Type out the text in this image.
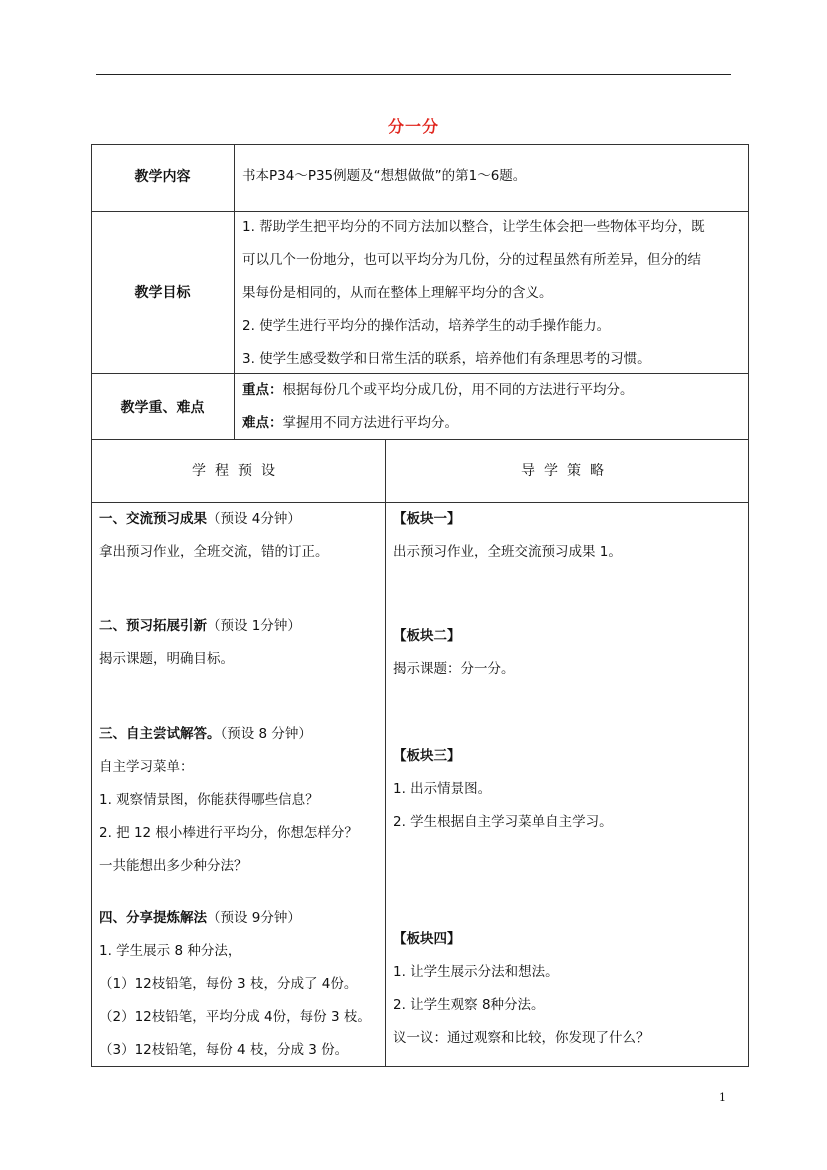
分一分
教学内容	书本P34～P35例题及“想想做做”的第1～6题。
教学目标
1. 帮助学生把平均分的不同方法加以整合，让学生体会把一些物体平均分，既
可以几个一份地分，也可以平均分为几份，分的过程虽然有所差异，但分的结
果每份是相同的，从而在整体上理解平均分的含义。
2. 使学生进行平均分的操作活动，培养学生的动手操作能力。
3. 使学生感受数学和日常生活的联系，培养他们有条理思考的习惯。
教学重、难点
重点：根据每份几个或平均分成几份，用不同的方法进行平均分。
难点：掌握用不同方法进行平均分。
学程预设	导学策略
一、交流预习成果（预设 4分钟）
拿出预习作业，全班交流，错的订正。
二、预习拓展引新（预设 1分钟）
揭示课题，明确目标。
三、自主尝试解答。（预设 8 分钟）
自主学习菜单：
1. 观察情景图，你能获得哪些信息？
2. 把 12 根小棒进行平均分，你想怎样分？
一共能想出多少种分法？
四、分享提炼解法（预设 9分钟）
1. 学生展示 8 种分法，
（1）12枝铅笔，每份 3 枝，分成了 4份。
（2）12枝铅笔，平均分成 4份，每份 3 枝。
（3）12枝铅笔，每份 4 枝，分成 3 份。
【板块一】
出示预习作业，全班交流预习成果 1。
【板块二】
揭示课题：分一分。
【板块三】
1. 出示情景图。
2. 学生根据自主学习菜单自主学习。
【板块四】
1. 让学生展示分法和想法。
2. 让学生观察 8种分法。
议一议：通过观察和比较，你发现了什么？
1
